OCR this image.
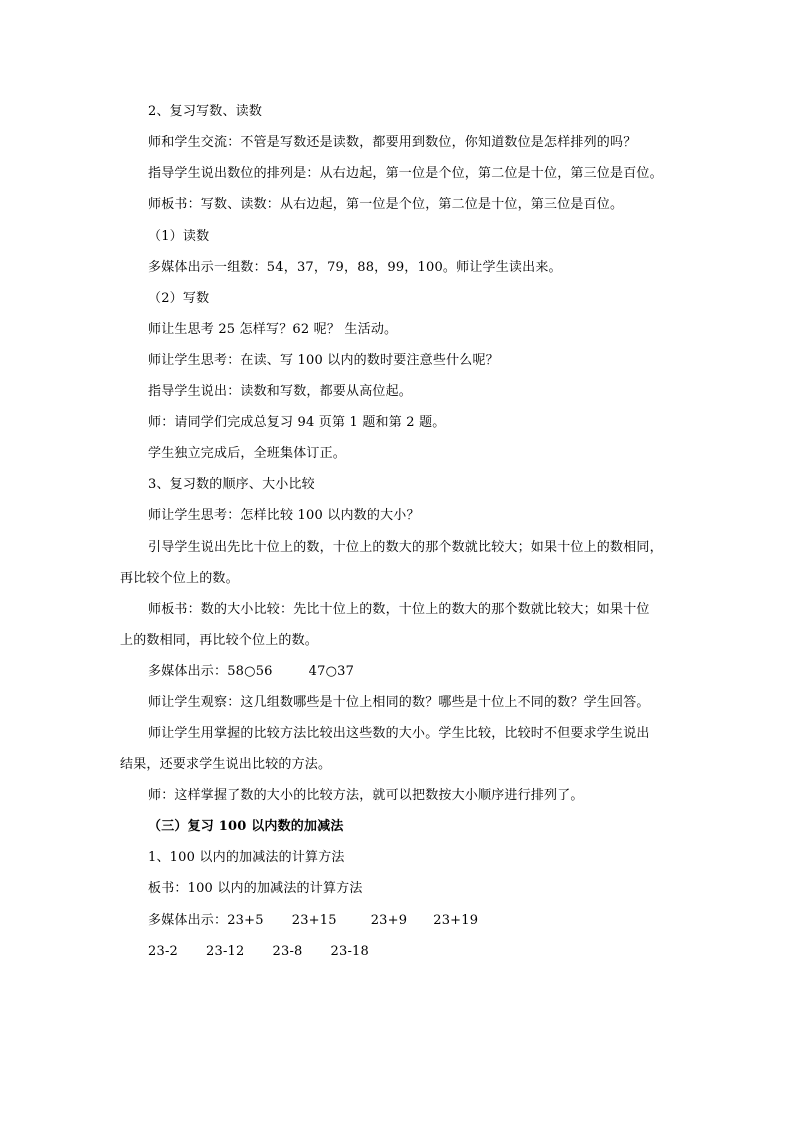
2、复习写数、读数
师和学生交流：不管是写数还是读数，都要用到数位，你知道数位是怎样排列的吗？
指导学生说出数位的排列是：从右边起，第一位是个位，第二位是十位，第三位是百位。
师板书：写数、读数：从右边起，第一位是个位，第二位是十位，第三位是百位。
（1）读数
多媒体出示一组数：54，37，79，88，99，100。师让学生读出来。
（2）写数
师让生思考 25 怎样写？62 呢？ 生活动。
师让学生思考：在读、写 100 以内的数时要注意些什么呢？
指导学生说出：读数和写数，都要从高位起。
师：请同学们完成总复习 94 页第 1 题和第 2 题。
学生独立完成后，全班集体订正。
3、复习数的顺序、大小比较
师让学生思考：怎样比较 100 以内数的大小？
引导学生说出先比十位上的数，十位上的数大的那个数就比较大；如果十位上的数相同，
再比较个位上的数。
师板书：数的大小比较：先比十位上的数，十位上的数大的那个数就比较大；如果十位
上的数相同，再比较个位上的数。
多媒体出示：58○56	47○37
师让学生观察：这几组数哪些是十位上相同的数？哪些是十位上不同的数？学生回答。
师让学生用掌握的比较方法比较出这些数的大小。学生比较，比较时不但要求学生说出
结果，还要求学生说出比较的方法。
师：这样掌握了数的大小的比较方法，就可以把数按大小顺序进行排列了。
（三）复习 100 以内数的加减法
1、100 以内的加减法的计算方法
板书：100 以内的加减法的计算方法
多媒体出示：23+5 23+15	23+9 23+19
23-2 23-12 23-8 23-18
